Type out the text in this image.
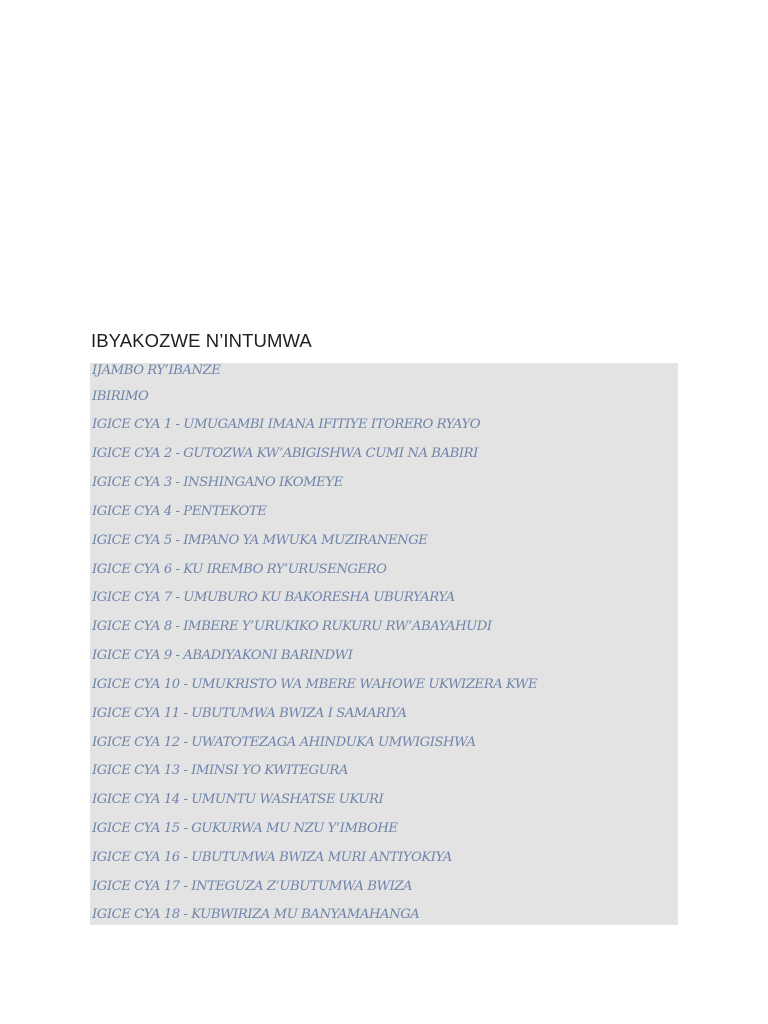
IBYAKOZWE N’INTUMWA
IJAMBO RY’IBANZE
IBIRIMO
IGICE CYA 1 - UMUGAMBI IMANA IFITIYE ITORERO RYAYO
IGICE CYA 2 - GUTOZWA KW’ABIGISHWA CUMI NA BABIRI
IGICE CYA 3 - INSHINGANO IKOMEYE
IGICE CYA 4 - PENTEKOTE
IGICE CYA 5 - IMPANO YA MWUKA MUZIRANENGE
IGICE CYA 6 - KU IREMBO RY’URUSENGERO
IGICE CYA 7 - UMUBURO KU BAKORESHA UBURYARYA
IGICE CYA 8 - IMBERE Y’URUKIKO RUKURU RW’ABAYAHUDI
IGICE CYA 9 - ABADIYAKONI BARINDWI
IGICE CYA 10 - UMUKRISTO WA MBERE WAHOWE UKWIZERA KWE
IGICE CYA 11 - UBUTUMWA BWIZA I SAMARIYA
IGICE CYA 12 - UWATOTEZAGA AHINDUKA UMWIGISHWA
IGICE CYA 13 - IMINSI YO KWITEGURA
IGICE CYA 14 - UMUNTU WASHATSE UKURI
IGICE CYA 15 - GUKURWA MU NZU Y’IMBOHE
IGICE CYA 16 - UBUTUMWA BWIZA MURI ANTIYOKIYA
IGICE CYA 17 - INTEGUZA Z’UBUTUMWA BWIZA
IGICE CYA 18 - KUBWIRIZA MU BANYAMAHANGA
